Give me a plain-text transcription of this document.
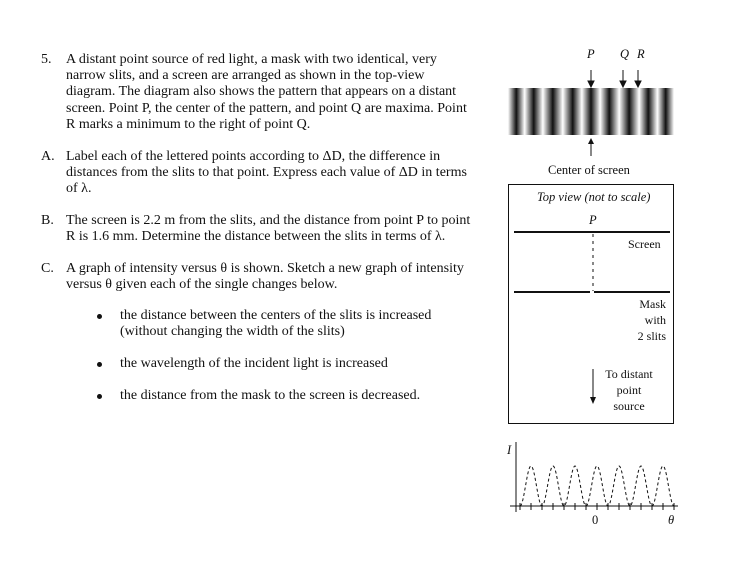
5. A distant point source of red light, a mask with two identical, very
narrow slits, and a screen are arranged as shown in the top-view
diagram. The diagram also shows the pattern that appears on a distant
screen. Point P, the center of the pattern, and point Q are maxima. Point
R marks a minimum to the right of point Q.
A. Label each of the lettered points according to ΔD, the difference in
distances from the slits to that point. Express each value of ΔD in terms
of λ.
B. The screen is 2.2 m from the slits, and the distance from point P to point
R is 1.6 mm. Determine the distance between the slits in terms of λ.
C. A graph of intensity versus θ is shown. Sketch a new graph of intensity
versus θ given each of the single changes below.
the distance between the centers of the slits is increased
(without changing the width of the slits)
the wavelength of the incident light is increased
the distance from the mask to the screen is decreased.
P Q R
Center of screen
Top view (not to scale)
P
Screen
Mask
with
2 slits
To distant
point
source
I
0	θ
